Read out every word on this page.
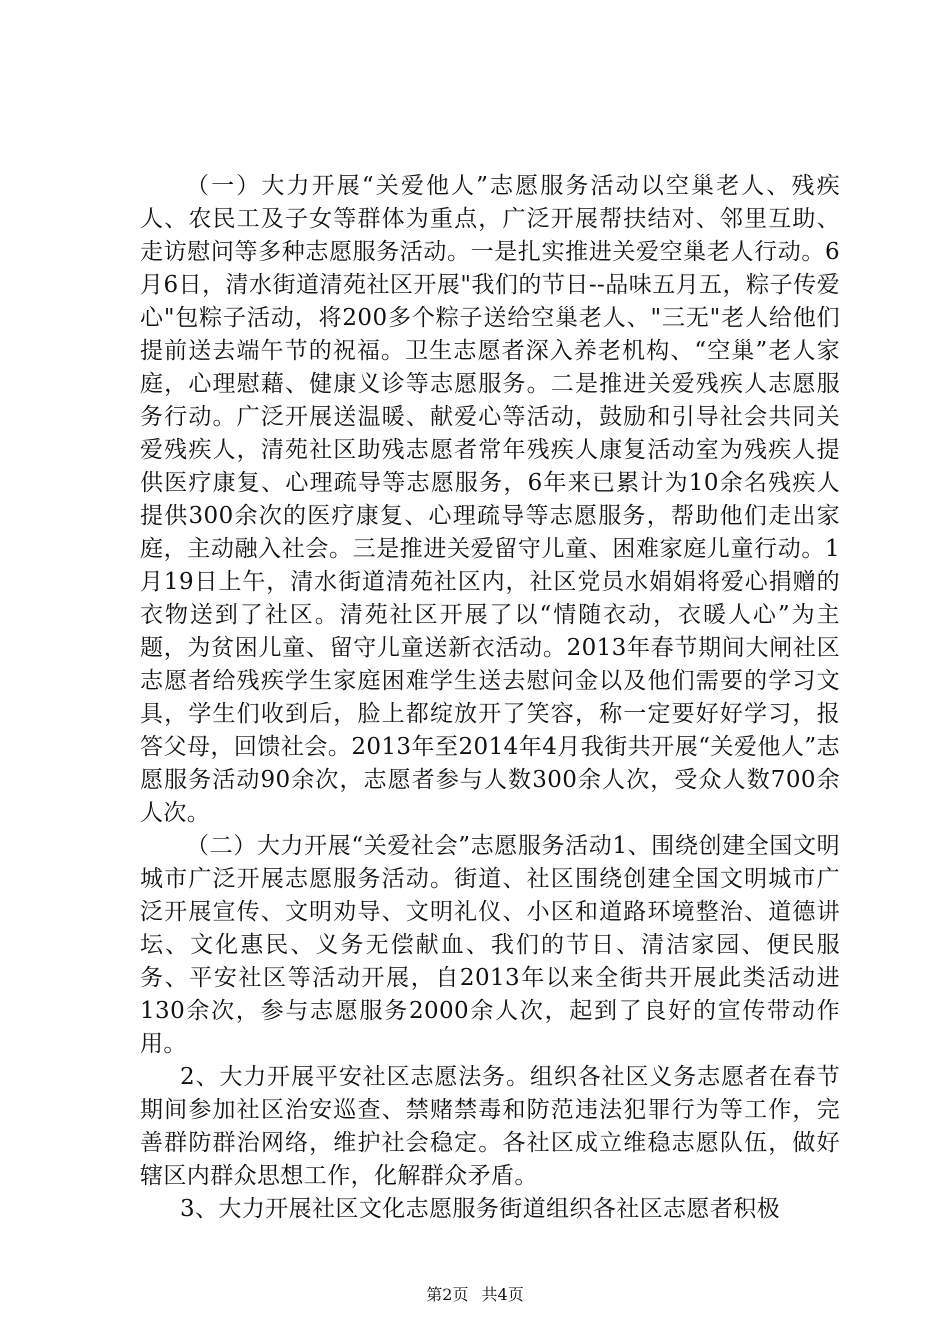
（一）大力开展“关爱他人”志愿服务活动以空巢老人、残疾人、农民工及子女等群体为重点，广泛开展帮扶结对、邻里互助、走访慰问等多种志愿服务活动。一是扎实推进关爱空巢老人行动。6月6日，清水街道清苑社区开展"我们的节日--品味五月五，粽子传爱心"包粽子活动，将200多个粽子送给空巢老人、"三无"老人给他们提前送去端午节的祝福。卫生志愿者深入养老机构、“空巢”老人家庭，心理慰藉、健康义诊等志愿服务。二是推进关爱残疾人志愿服务行动。广泛开展送温暖、献爱心等活动，鼓励和引导社会共同关爱残疾人，清苑社区助残志愿者常年残疾人康复活动室为残疾人提供医疗康复、心理疏导等志愿服务，6年来已累计为10余名残疾人提供300余次的医疗康复、心理疏导等志愿服务，帮助他们走出家庭，主动融入社会。三是推进关爱留守儿童、困难家庭儿童行动。1月19日上午，清水街道清苑社区内，社区党员水娟娟将爱心捐赠的衣物送到了社区。清苑社区开展了以“情随衣动，衣暖人心”为主题，为贫困儿童、留守儿童送新衣活动。2013年春节期间大闸社区志愿者给残疾学生家庭困难学生送去慰问金以及他们需要的学习文具，学生们收到后，脸上都绽放开了笑容，称一定要好好学习，报答父母，回馈社会。2013年至2014年4月我街共开展“关爱他人”志愿服务活动90余次，志愿者参与人数300余人次，受众人数700余人次。

（二）大力开展“关爱社会”志愿服务活动1、围绕创建全国文明城市广泛开展志愿服务活动。街道、社区围绕创建全国文明城市广泛开展宣传、文明劝导、文明礼仪、小区和道路环境整治、道德讲坛、文化惠民、义务无偿献血、我们的节日、清洁家园、便民服务、平安社区等活动开展，自2013年以来全街共开展此类活动进130余次，参与志愿服务2000余人次，起到了良好的宣传带动作用。

2、大力开展平安社区志愿法务。组织各社区义务志愿者在春节期间参加社区治安巡查、禁赌禁毒和防范违法犯罪行为等工作，完善群防群治网络，维护社会稳定。各社区成立维稳志愿队伍，做好辖区内群众思想工作，化解群众矛盾。

3、大力开展社区文化志愿服务街道组织各社区志愿者积极

第2页 共4页
